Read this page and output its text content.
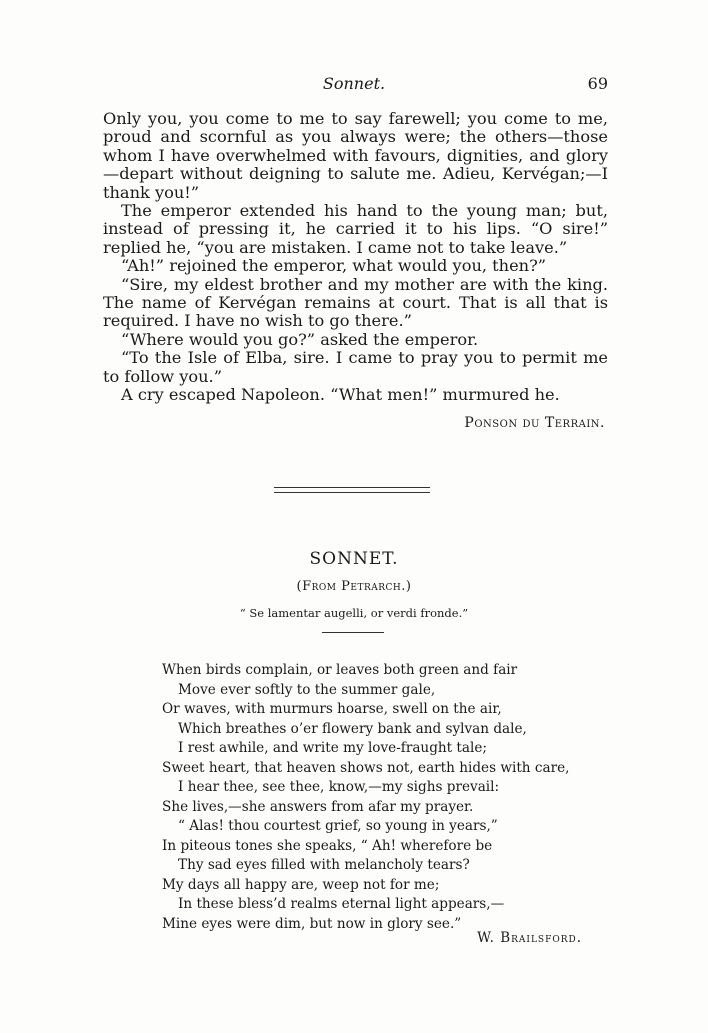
Sonnet.	69

Only you, you come to me to say farewell; you come to me, proud and scornful as you always were; the others—those whom I have overwhelmed with favours, dignities, and glory—depart without deigning to salute me. Adieu, Kervégan;—I thank you!”

The emperor extended his hand to the young man; but, instead of pressing it, he carried it to his lips. “O sire!” replied he, “you are mistaken. I came not to take leave.”

“Ah!” rejoined the emperor, what would you, then?”

“Sire, my eldest brother and my mother are with the king. The name of Kervégan remains at court. That is all that is required. I have no wish to go there.”

“Where would you go?” asked the emperor.

“To the Isle of Elba, sire. I came to pray you to permit me to follow you.”

A cry escaped Napoleon. “What men!” murmured he.

Ponson du Terrain.
SONNET.
(From Petrarch.)
“ Se lamentar augelli, or verdi fronde.”
When birds complain, or leaves both green and fair
Move ever softly to the summer gale,
Or waves, with murmurs hoarse, swell on the air,
Which breathes o’er flowery bank and sylvan dale,
I rest awhile, and write my love-fraught tale;
Sweet heart, that heaven shows not, earth hides with care,
I hear thee, see thee, know,—my sighs prevail:
She lives,—she answers from afar my prayer.
“ Alas! thou courtest grief, so young in years,”
In piteous tones she speaks, “ Ah! wherefore be
Thy sad eyes filled with melancholy tears?
My days all happy are, weep not for me;
In these bless’d realms eternal light appears,—
Mine eyes were dim, but now in glory see.”
W. Brailsford.
